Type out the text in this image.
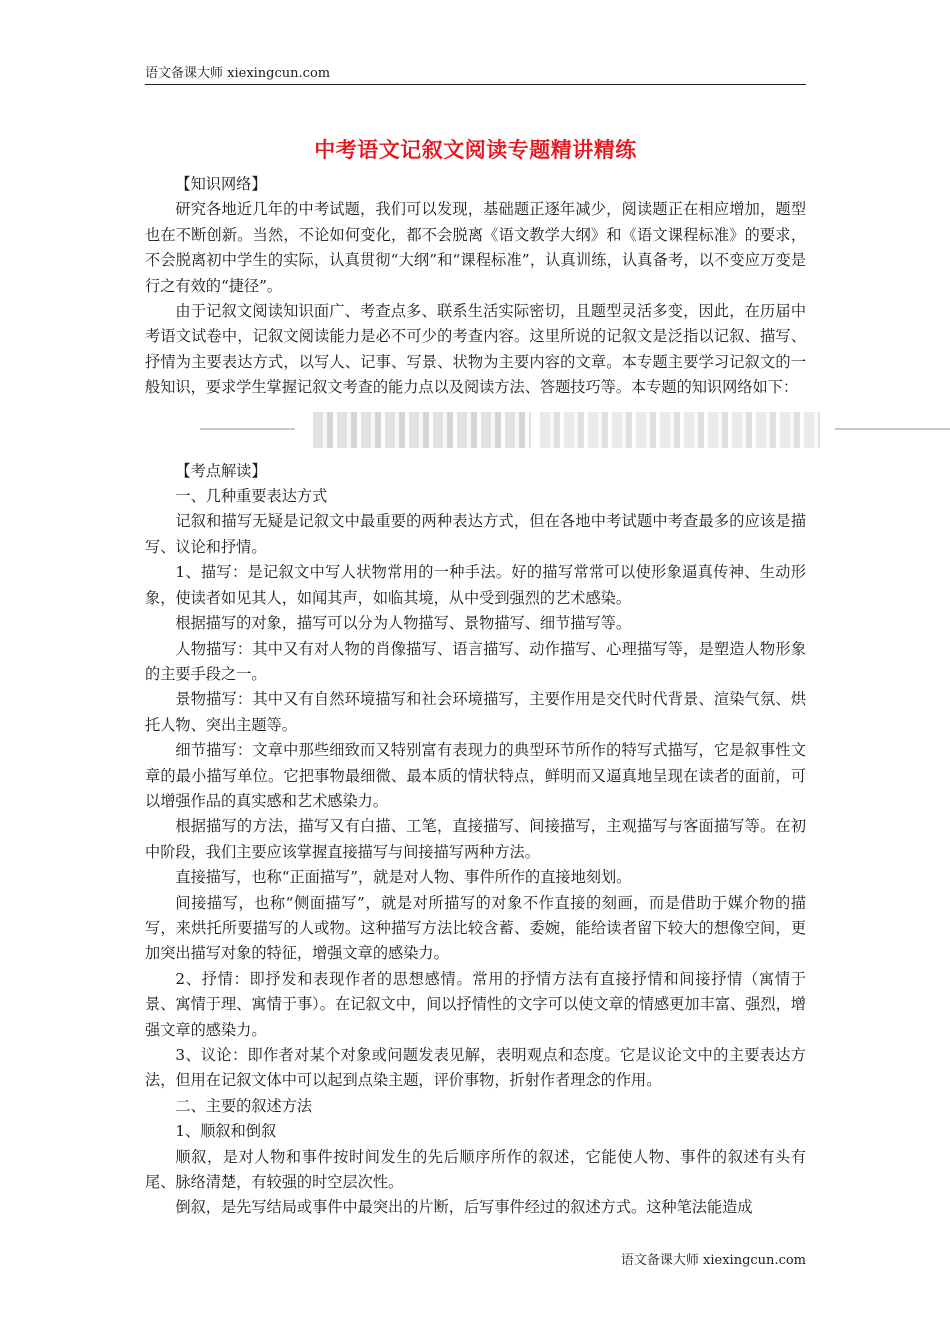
语文备课大师 xiexingcun.com
中考语文记叙文阅读专题精讲精练

【知识网络】

研究各地近几年的中考试题，我们可以发现，基础题正逐年减少，阅读题正在相应增加，题型也在不断创新。当然，不论如何变化，都不会脱离《语文教学大纲》和《语文课程标准》的要求，不会脱离初中学生的实际，认真贯彻“大纲”和“课程标准”，认真训练，认真备考，以不变应万变是行之有效的“捷径”。

由于记叙文阅读知识面广、考查点多、联系生活实际密切，且题型灵活多变，因此，在历届中考语文试卷中，记叙文阅读能力是必不可少的考查内容。这里所说的记叙文是泛指以记叙、描写、抒情为主要表达方式，以写人、记事、写景、状物为主要内容的文章。本专题主要学习记叙文的一般知识，要求学生掌握记叙文考查的能力点以及阅读方法、答题技巧等。本专题的知识网络如下：

【考点解读】

一、几种重要表达方式

记叙和描写无疑是记叙文中最重要的两种表达方式，但在各地中考试题中考查最多的应该是描写、议论和抒情。

1、描写：是记叙文中写人状物常用的一种手法。好的描写常常可以使形象逼真传神、生动形象，使读者如见其人，如闻其声，如临其境，从中受到强烈的艺术感染。

根据描写的对象，描写可以分为人物描写、景物描写、细节描写等。

人物描写：其中又有对人物的肖像描写、语言描写、动作描写、心理描写等，是塑造人物形象的主要手段之一。

景物描写：其中又有自然环境描写和社会环境描写，主要作用是交代时代背景、渲染气氛、烘托人物、突出主题等。

细节描写：文章中那些细致而又特别富有表现力的典型环节所作的特写式描写，它是叙事性文章的最小描写单位。它把事物最细微、最本质的情状特点，鲜明而又逼真地呈现在读者的面前，可以增强作品的真实感和艺术感染力。

根据描写的方法，描写又有白描、工笔，直接描写、间接描写，主观描写与客面描写等。在初中阶段，我们主要应该掌握直接描写与间接描写两种方法。

直接描写，也称“正面描写”，就是对人物、事件所作的直接地刻划。

间接描写，也称“侧面描写”，就是对所描写的对象不作直接的刻画，而是借助于媒介物的描写，来烘托所要描写的人或物。这种描写方法比较含蓄、委婉，能给读者留下较大的想像空间，更加突出描写对象的特征，增强文章的感染力。

2、抒情：即抒发和表现作者的思想感情。常用的抒情方法有直接抒情和间接抒情（寓情于景、寓情于理、寓情于事）。在记叙文中，间以抒情性的文字可以使文章的情感更加丰富、强烈，增强文章的感染力。

3、议论：即作者对某个对象或问题发表见解，表明观点和态度。它是议论文中的主要表达方法，但用在记叙文体中可以起到点染主题，评价事物，折射作者理念的作用。

二、主要的叙述方法

1、顺叙和倒叙

顺叙，是对人物和事件按时间发生的先后顺序所作的叙述，它能使人物、事件的叙述有头有尾、脉络清楚，有较强的时空层次性。

倒叙，是先写结局或事件中最突出的片断，后写事件经过的叙述方式。这种笔法能造成

语文备课大师 xiexingcun.com
